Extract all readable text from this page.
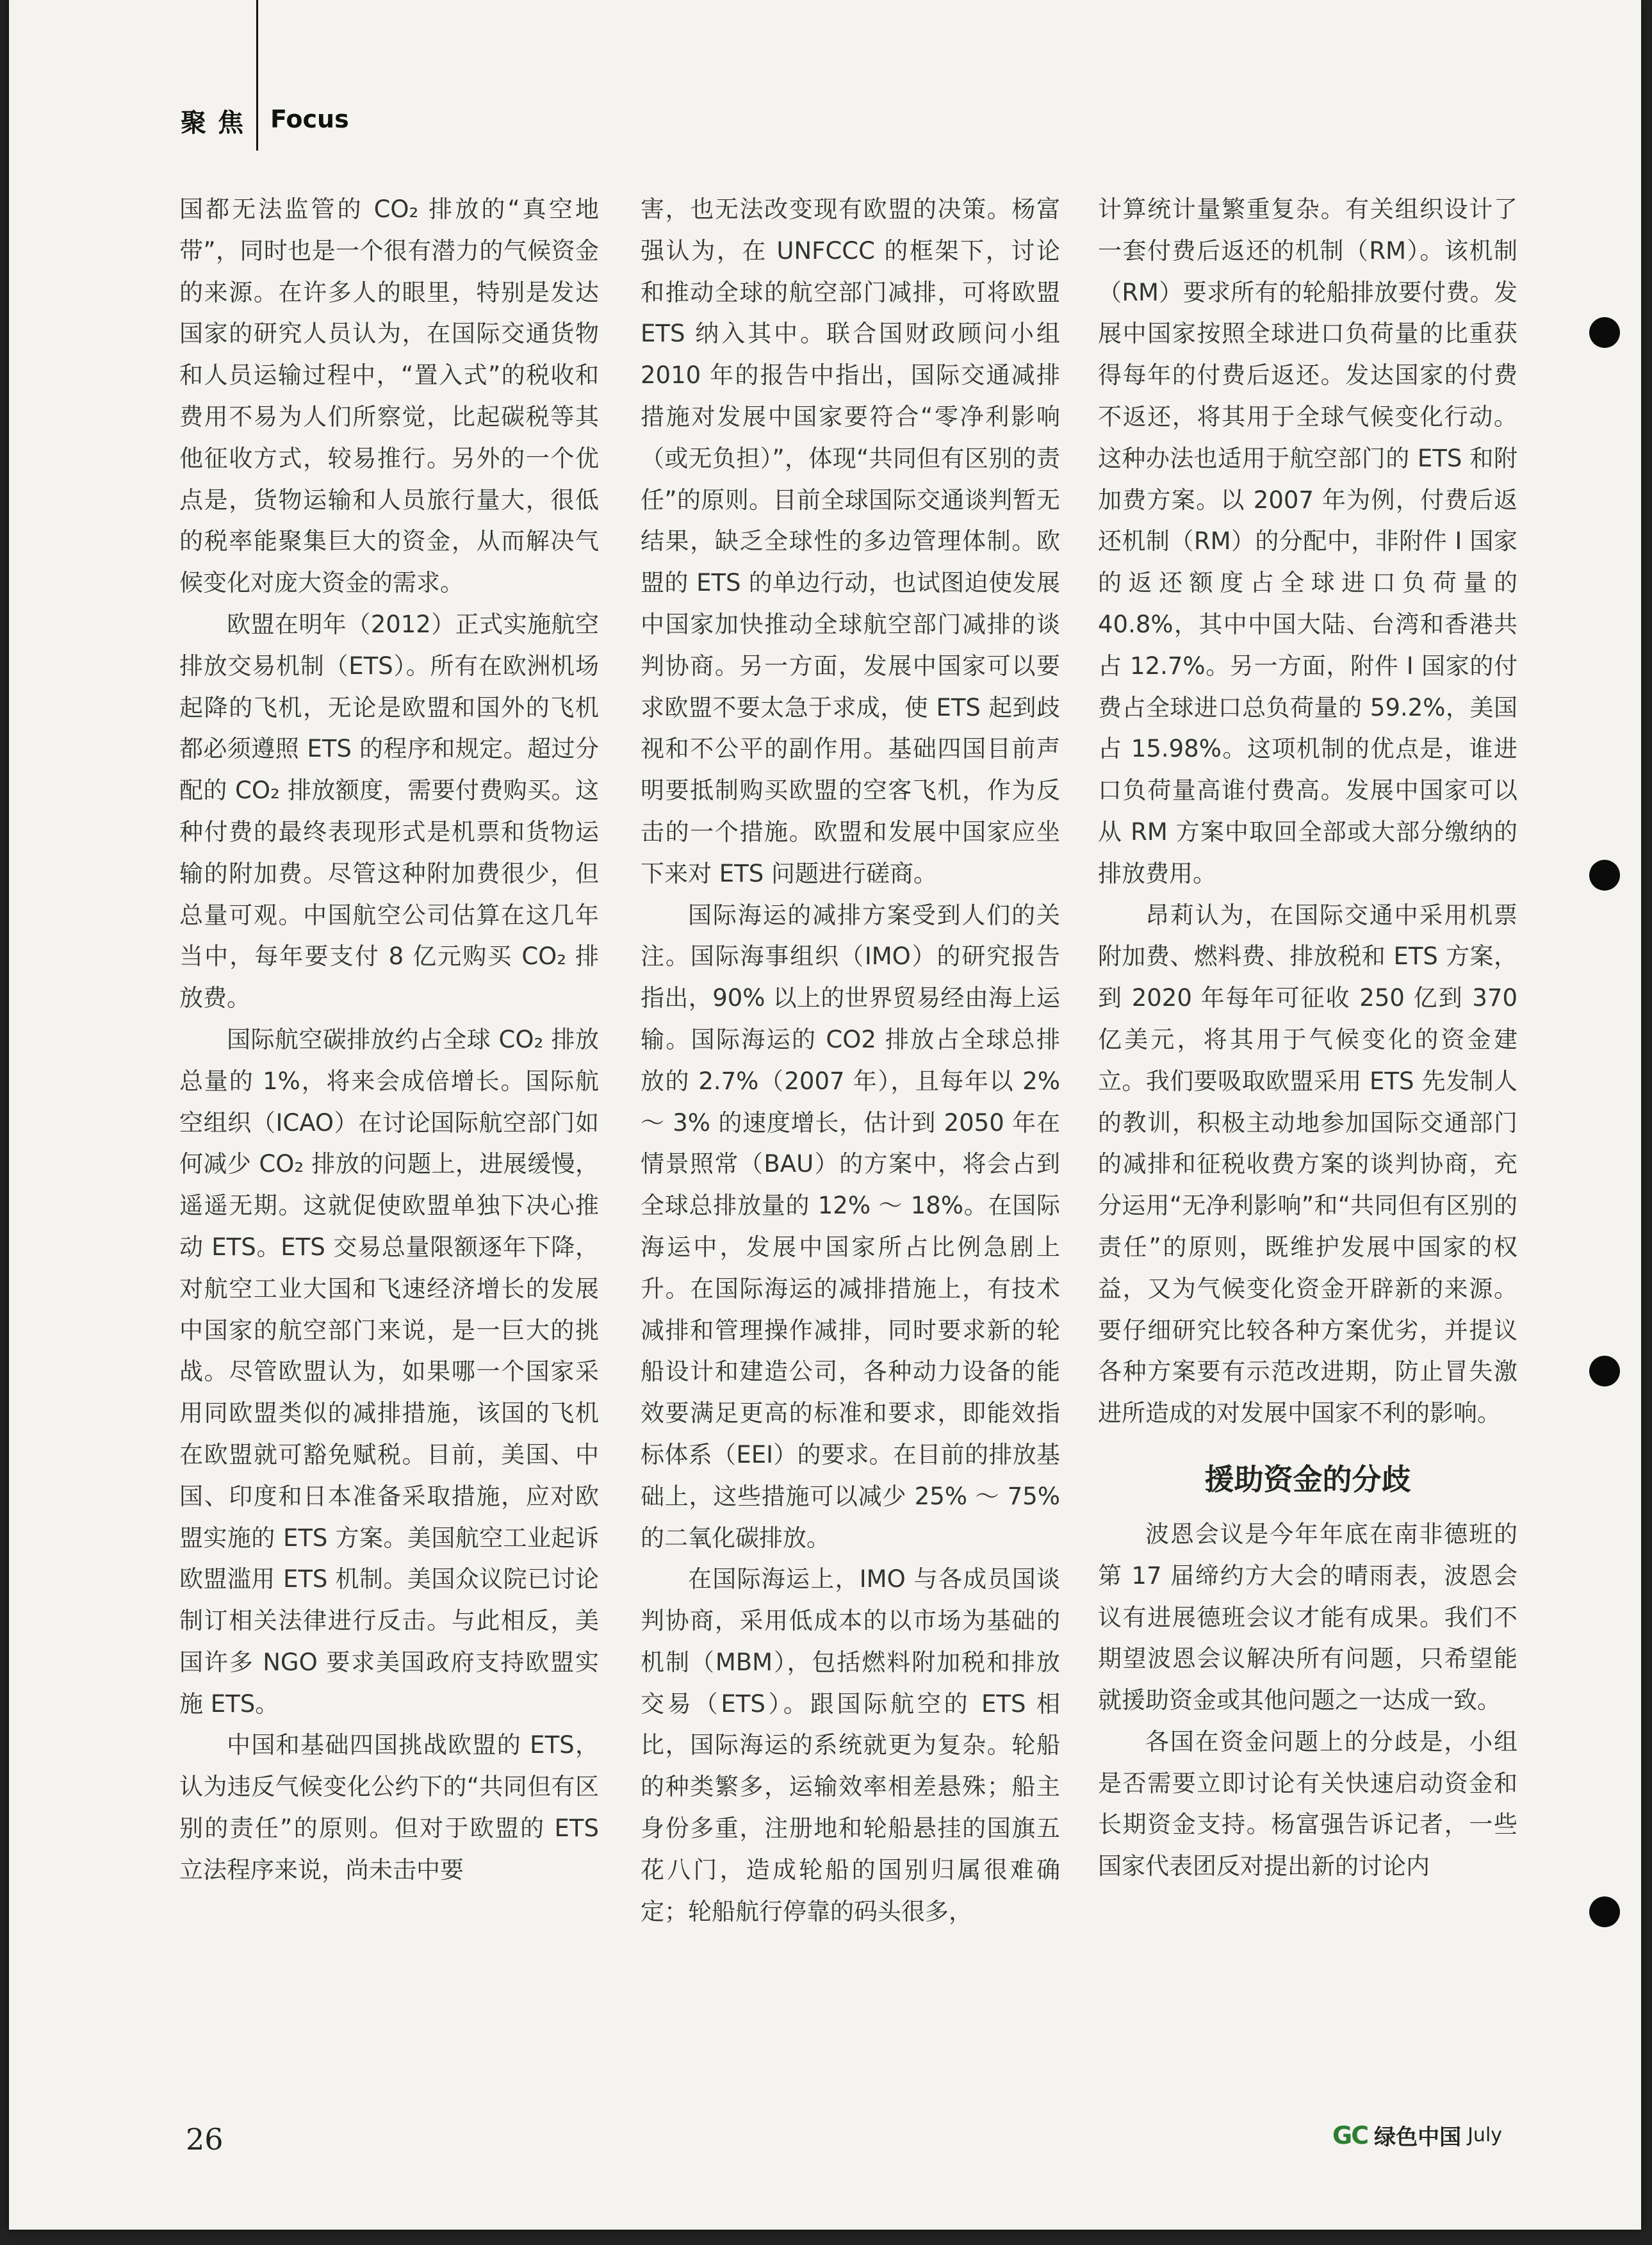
聚焦 Focus

国都无法监管的 CO₂ 排放的“真空地带”，同时也是一个很有潜力的气候资金的来源。在许多人的眼里，特别是发达国家的研究人员认为，在国际交通货物和人员运输过程中，“置入式”的税收和费用不易为人们所察觉，比起碳税等其他征收方式，较易推行。另外的一个优点是，货物运输和人员旅行量大，很低的税率能聚集巨大的资金，从而解决气候变化对庞大资金的需求。

欧盟在明年（2012）正式实施航空排放交易机制（ETS）。所有在欧洲机场起降的飞机，无论是欧盟和国外的飞机都必须遵照 ETS 的程序和规定。超过分配的 CO₂ 排放额度，需要付费购买。这种付费的最终表现形式是机票和货物运输的附加费。尽管这种附加费很少，但总量可观。中国航空公司估算在这几年当中，每年要支付 8 亿元购买 CO₂ 排放费。

国际航空碳排放约占全球 CO₂ 排放总量的 1%，将来会成倍增长。国际航空组织（ICAO）在讨论国际航空部门如何减少 CO₂ 排放的问题上，进展缓慢，遥遥无期。这就促使欧盟单独下决心推动 ETS。ETS 交易总量限额逐年下降，对航空工业大国和飞速经济增长的发展中国家的航空部门来说，是一巨大的挑战。尽管欧盟认为，如果哪一个国家采用同欧盟类似的减排措施，该国的飞机在欧盟就可豁免赋税。目前，美国、中国、印度和日本准备采取措施，应对欧盟实施的 ETS 方案。美国航空工业起诉欧盟滥用 ETS 机制。美国众议院已讨论制订相关法律进行反击。与此相反，美国许多 NGO 要求美国政府支持欧盟实施 ETS。

中国和基础四国挑战欧盟的 ETS，认为违反气候变化公约下的“共同但有区别的责任”的原则。但对于欧盟的 ETS 立法程序来说，尚未击中要

害，也无法改变现有欧盟的决策。杨富强认为，在 UNFCCC 的框架下，讨论和推动全球的航空部门减排，可将欧盟 ETS 纳入其中。联合国财政顾问小组 2010 年的报告中指出，国际交通减排措施对发展中国家要符合“零净利影响（或无负担）”，体现“共同但有区别的责任”的原则。目前全球国际交通谈判暂无结果，缺乏全球性的多边管理体制。欧盟的 ETS 的单边行动，也试图迫使发展中国家加快推动全球航空部门减排的谈判协商。另一方面，发展中国家可以要求欧盟不要太急于求成，使 ETS 起到歧视和不公平的副作用。基础四国目前声明要抵制购买欧盟的空客飞机，作为反击的一个措施。欧盟和发展中国家应坐下来对 ETS 问题进行磋商。

国际海运的减排方案受到人们的关注。国际海事组织（IMO）的研究报告指出，90% 以上的世界贸易经由海上运输。国际海运的 CO2 排放占全球总排放的 2.7%（2007 年），且每年以 2% ～ 3% 的速度增长，估计到 2050 年在情景照常（BAU）的方案中，将会占到全球总排放量的 12% ～ 18%。在国际海运中，发展中国家所占比例急剧上升。在国际海运的减排措施上，有技术减排和管理操作减排，同时要求新的轮船设计和建造公司，各种动力设备的能效要满足更高的标准和要求，即能效指标体系（EEI）的要求。在目前的排放基础上，这些措施可以减少 25% ～ 75% 的二氧化碳排放。

在国际海运上，IMO 与各成员国谈判协商，采用低成本的以市场为基础的机制（MBM），包括燃料附加税和排放交易（ETS）。跟国际航空的 ETS 相比，国际海运的系统就更为复杂。轮船的种类繁多，运输效率相差悬殊；船主身份多重，注册地和轮船悬挂的国旗五花八门，造成轮船的国别归属很难确定；轮船航行停靠的码头很多，

计算统计量繁重复杂。有关组织设计了一套付费后返还的机制（RM）。该机制（RM）要求所有的轮船排放要付费。发展中国家按照全球进口负荷量的比重获得每年的付费后返还。发达国家的付费不返还，将其用于全球气候变化行动。这种办法也适用于航空部门的 ETS 和附加费方案。以 2007 年为例，付费后返还机制（RM）的分配中，非附件 I 国家的返还额度占全球进口负荷量的 40.8%，其中中国大陆、台湾和香港共占 12.7%。另一方面，附件 I 国家的付费占全球进口总负荷量的 59.2%，美国占 15.98%。这项机制的优点是，谁进口负荷量高谁付费高。发展中国家可以从 RM 方案中取回全部或大部分缴纳的排放费用。

昂莉认为，在国际交通中采用机票附加费、燃料费、排放税和 ETS 方案，到 2020 年每年可征收 250 亿到 370 亿美元，将其用于气候变化的资金建立。我们要吸取欧盟采用 ETS 先发制人的教训，积极主动地参加国际交通部门的减排和征税收费方案的谈判协商，充分运用“无净利影响”和“共同但有区别的责任”的原则，既维护发展中国家的权益，又为气候变化资金开辟新的来源。要仔细研究比较各种方案优劣，并提议各种方案要有示范改进期，防止冒失激进所造成的对发展中国家不利的影响。

援助资金的分歧

波恩会议是今年年底在南非德班的第 17 届缔约方大会的晴雨表，波恩会议有进展德班会议才能有成果。我们不期望波恩会议解决所有问题，只希望能就援助资金或其他问题之一达成一致。

各国在资金问题上的分歧是，小组是否需要立即讨论有关快速启动资金和长期资金支持。杨富强告诉记者，一些国家代表团反对提出新的讨论内

26	GC 绿色中国 July
